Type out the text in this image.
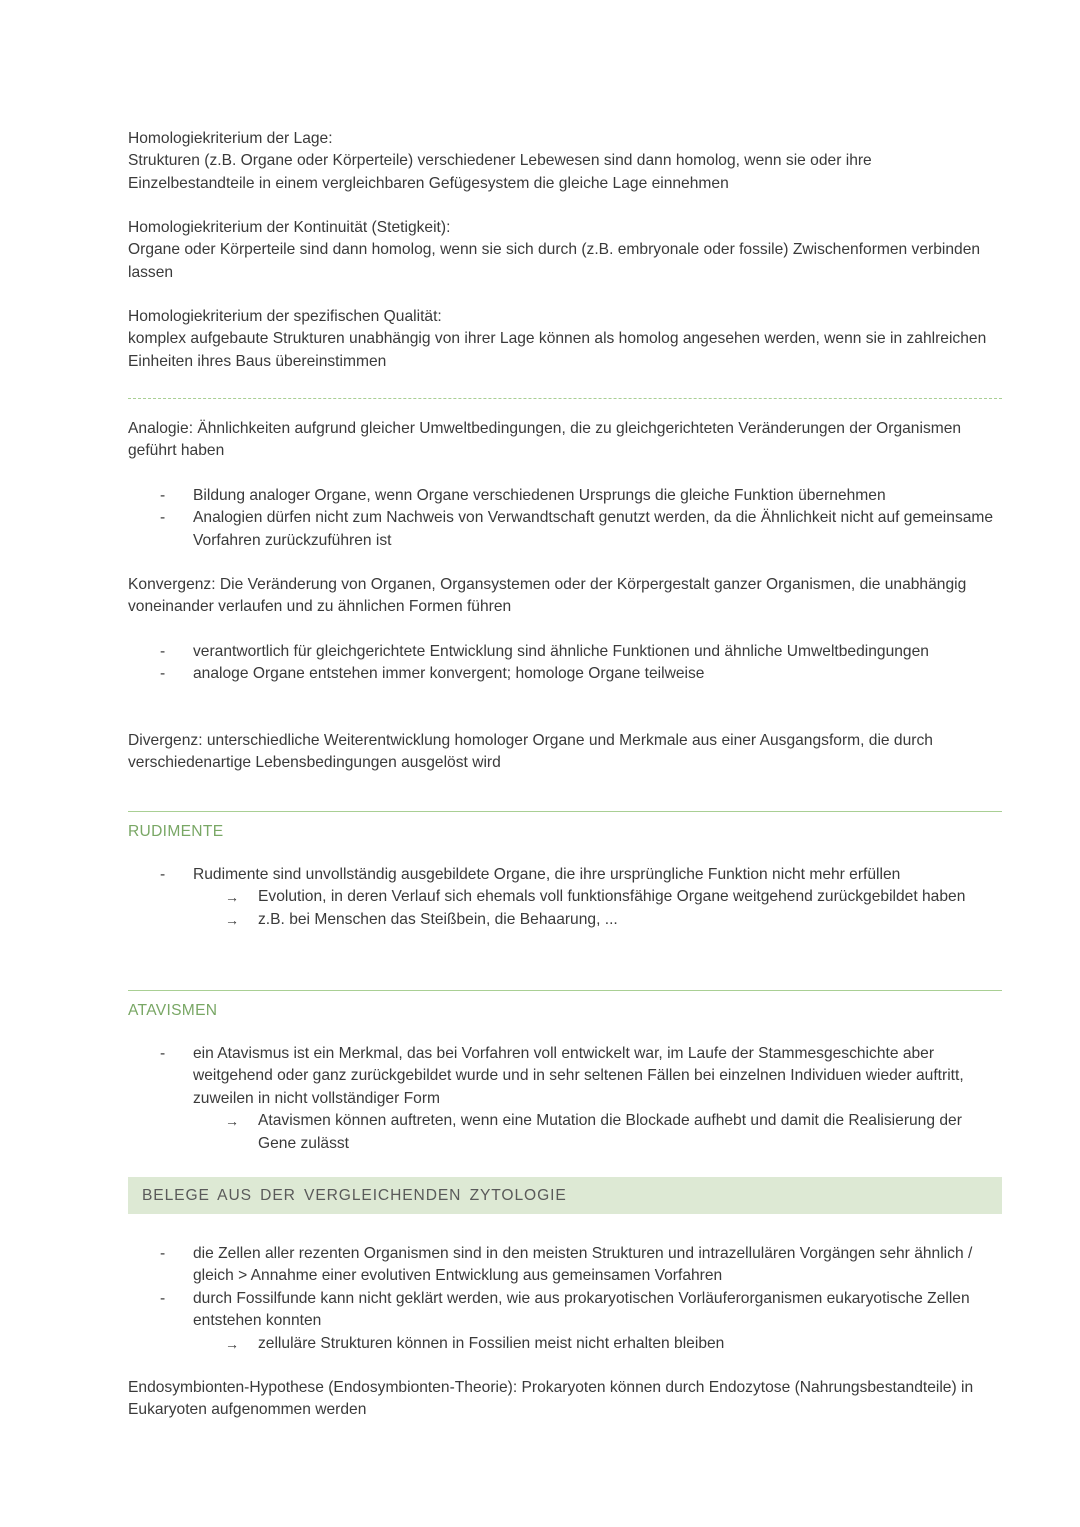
Homologiekriterium der Lage:

Strukturen (z.B. Organe oder Körperteile) verschiedener Lebewesen sind dann homolog, wenn sie oder ihre Einzelbestandteile in einem vergleichbaren Gefügesystem die gleiche Lage einnehmen

Homologiekriterium der Kontinuität (Stetigkeit):

Organe oder Körperteile sind dann homolog, wenn sie sich durch (z.B. embryonale oder fossile) Zwischenformen verbinden lassen

Homologiekriterium der spezifischen Qualität:

komplex aufgebaute Strukturen unabhängig von ihrer Lage können als homolog angesehen werden, wenn sie in zahlreichen Einheiten ihres Baus übereinstimmen

Analogie: Ähnlichkeiten aufgrund gleicher Umweltbedingungen, die zu gleichgerichteten Veränderungen der Organismen geführt haben

- Bildung analoger Organe, wenn Organe verschiedenen Ursprungs die gleiche Funktion übernehmen
- Analogien dürfen nicht zum Nachweis von Verwandtschaft genutzt werden, da die Ähnlichkeit nicht auf gemeinsame Vorfahren zurückzuführen ist

Konvergenz: Die Veränderung von Organen, Organsystemen oder der Körpergestalt ganzer Organismen, die unabhängig voneinander verlaufen und zu ähnlichen Formen führen

- verantwortlich für gleichgerichtete Entwicklung sind ähnliche Funktionen und ähnliche Umweltbedingungen
- analoge Organe entstehen immer konvergent; homologe Organe teilweise

Divergenz: unterschiedliche Weiterentwicklung homologer Organe und Merkmale aus einer Ausgangsform, die durch verschiedenartige Lebensbedingungen ausgelöst wird

RUDIMENTE
- Rudimente sind unvollständig ausgebildete Organe, die ihre ursprüngliche Funktion nicht mehr erfüllen
→ Evolution, in deren Verlauf sich ehemals voll funktionsfähige Organe weitgehend zurückgebildet haben
→ z.B. bei Menschen das Steißbein, die Behaarung, ...
ATAVISMEN
- ein Atavismus ist ein Merkmal, das bei Vorfahren voll entwickelt war, im Laufe der Stammesgeschichte aber weitgehend oder ganz zurückgebildet wurde und in sehr seltenen Fällen bei einzelnen Individuen wieder auftritt, zuweilen in nicht vollständiger Form
→ Atavismen können auftreten, wenn eine Mutation die Blockade aufhebt und damit die Realisierung der Gene zulässt
BELEGE AUS DER VERGLEICHENDEN ZYTOLOGIE
- die Zellen aller rezenten Organismen sind in den meisten Strukturen und intrazellulären Vorgängen sehr ähnlich / gleich > Annahme einer evolutiven Entwicklung aus gemeinsamen Vorfahren
- durch Fossilfunde kann nicht geklärt werden, wie aus prokaryotischen Vorläuferorganismen eukaryotische Zellen entstehen konnten
→ zelluläre Strukturen können in Fossilien meist nicht erhalten bleiben

Endosymbionten-Hypothese (Endosymbionten-Theorie): Prokaryoten können durch Endozytose (Nahrungsbestandteile) in Eukaryoten aufgenommen werden
